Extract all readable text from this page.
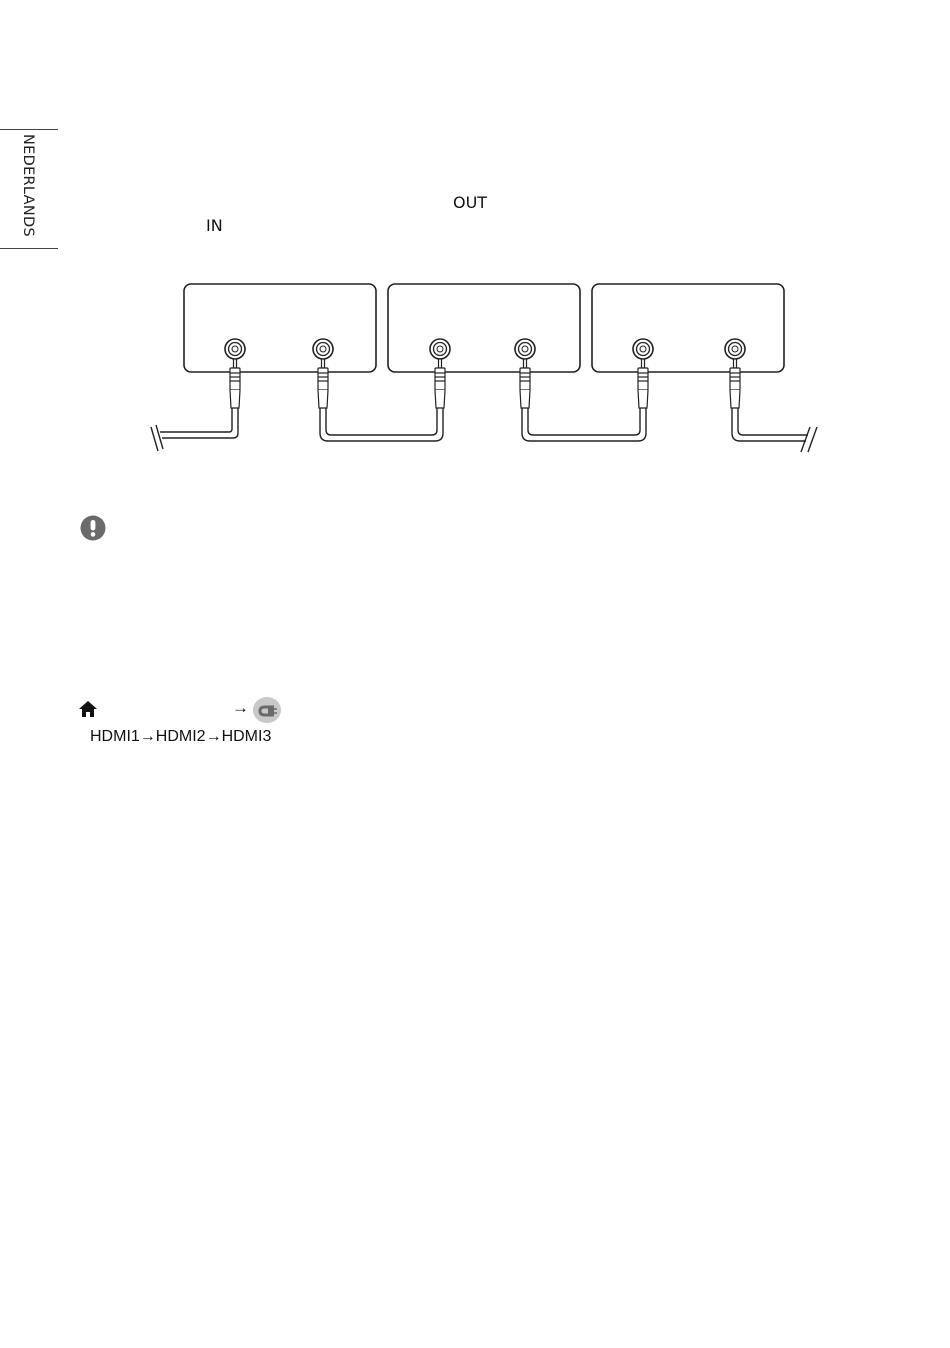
NEDERLANDS	OUT
IN
→
HDMI1→HDMI2→HDMI3
